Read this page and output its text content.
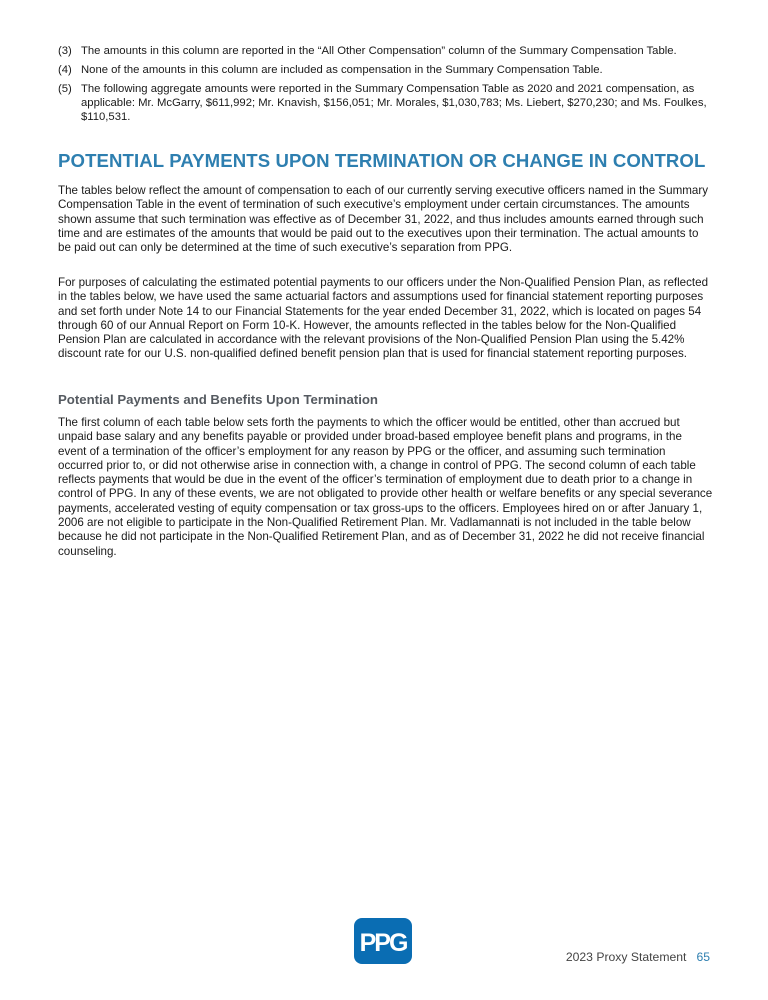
(3) The amounts in this column are reported in the “All Other Compensation” column of the Summary Compensation Table.
(4) None of the amounts in this column are included as compensation in the Summary Compensation Table.
(5) The following aggregate amounts were reported in the Summary Compensation Table as 2020 and 2021 compensation, as applicable: Mr. McGarry, $611,992; Mr. Knavish, $156,051; Mr. Morales, $1,030,783; Ms. Liebert, $270,230; and Ms. Foulkes, $110,531.
POTENTIAL PAYMENTS UPON TERMINATION OR CHANGE IN CONTROL

The tables below reflect the amount of compensation to each of our currently serving executive officers named in the Summary Compensation Table in the event of termination of such executive’s employment under certain circumstances. The amounts shown assume that such termination was effective as of December 31, 2022, and thus includes amounts earned through such time and are estimates of the amounts that would be paid out to the executives upon their termination. The actual amounts to be paid out can only be determined at the time of such executive’s separation from PPG.

For purposes of calculating the estimated potential payments to our officers under the Non-Qualified Pension Plan, as reflected in the tables below, we have used the same actuarial factors and assumptions used for financial statement reporting purposes and set forth under Note 14 to our Financial Statements for the year ended December 31, 2022, which is located on pages 54 through 60 of our Annual Report on Form 10-K. However, the amounts reflected in the tables below for the Non-Qualified Pension Plan are calculated in accordance with the relevant provisions of the Non-Qualified Pension Plan using the 5.42% discount rate for our U.S. non-qualified defined benefit pension plan that is used for financial statement reporting purposes.

Potential Payments and Benefits Upon Termination

The first column of each table below sets forth the payments to which the officer would be entitled, other than accrued but unpaid base salary and any benefits payable or provided under broad-based employee benefit plans and programs, in the event of a termination of the officer’s employment for any reason by PPG or the officer, and assuming such termination occurred prior to, or did not otherwise arise in connection with, a change in control of PPG. The second column of each table reflects payments that would be due in the event of the officer’s termination of employment due to death prior to a change in control of PPG. In any of these events, we are not obligated to provide other health or welfare benefits or any special severance payments, accelerated vesting of equity compensation or tax gross-ups to the officers. Employees hired on or after January 1, 2006 are not eligible to participate in the Non-Qualified Retirement Plan. Mr. Vadlamannati is not included in the table below because he did not participate in the Non-Qualified Retirement Plan, and as of December 31, 2022 he did not receive financial counseling.

PPG	2023 Proxy Statement 65
